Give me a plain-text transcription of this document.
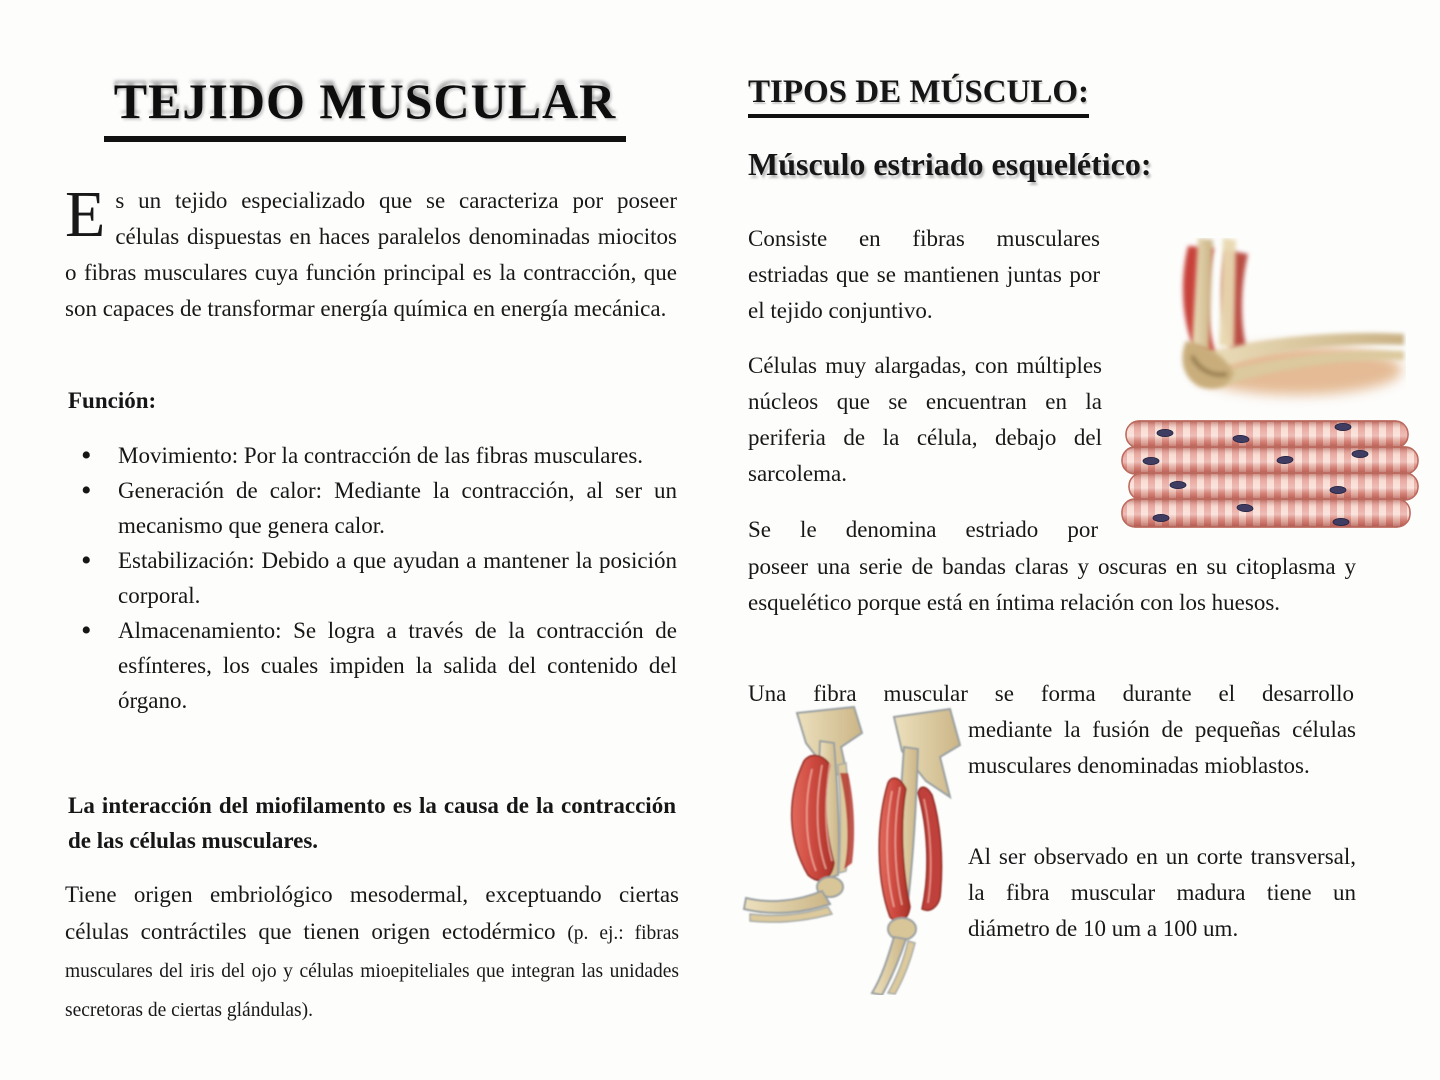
TEJIDO MUSCULAR

Es un tejido especializado que se caracteriza por poseer células dispuestas en haces paralelos denominadas miocitos o fibras musculares cuya función principal es la contracción, que son capaces de transformar energía química en energía mecánica.

Función:
• Movimiento: Por la contracción de las fibras musculares.
• Generación de calor: Mediante la contracción, al ser un mecanismo que genera calor.
• Estabilización: Debido a que ayudan a mantener la posición corporal.
• Almacenamiento: Se logra a través de la contracción de esfínteres, los cuales impiden la salida del contenido del órgano.

La interacción del miofilamento es la causa de la contracción de las células musculares.

Tiene origen embriológico mesodermal, exceptuando ciertas células contráctiles que tienen origen ectodérmico (p. ej.: fibras musculares del iris del ojo y células mioepiteliales que integran las unidades secretoras de ciertas glándulas).

TIPOS DE MÚSCULO:
Músculo estriado esquelético:

Consiste en fibras musculares estriadas que se mantienen juntas por el tejido conjuntivo.

Células muy alargadas, con múltiples núcleos que se encuentran en la periferia de la célula, debajo del sarcolema.

Se le denomina estriado por

poseer una serie de bandas claras y oscuras en su citoplasma y esquelético porque está en íntima relación con los huesos.

Una fibra muscular se forma durante el desarrollo

mediante la fusión de pequeñas células musculares denominadas mioblastos.

Al ser observado en un corte transversal, la fibra muscular madura tiene un diámetro de 10 um a 100 um.
